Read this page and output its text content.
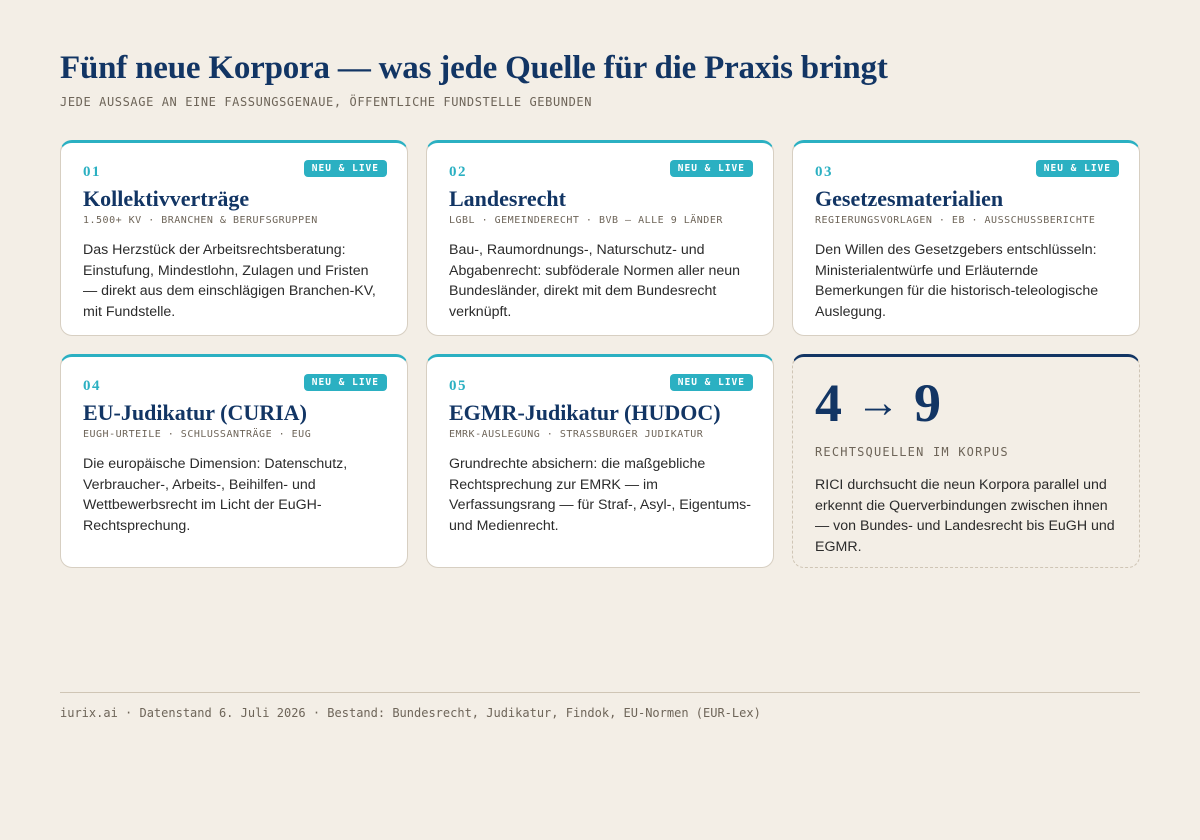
Fünf neue Korpora — was jede Quelle für die Praxis bringt
JEDE AUSSAGE AN EINE FASSUNGSGENAUE, ÖFFENTLICHE FUNDSTELLE GEBUNDEN
01	NEU & LIVE
Kollektivverträge
1.500+ KV · BRANCHEN & BERUFSGRUPPEN
Das Herzstück der Arbeitsrechtsberatung: Einstufung, Mindestlohn, Zulagen und Fristen — direkt aus dem einschlägigen Branchen-KV, mit Fundstelle.
02	NEU & LIVE
Landesrecht
LGBL · GEMEINDERECHT · BVB — ALLE 9 LÄNDER
Bau-, Raumordnungs-, Naturschutz- und Abgabenrecht: subföderale Normen aller neun Bundesländer, direkt mit dem Bundesrecht verknüpft.
03	NEU & LIVE
Gesetzesmaterialien
REGIERUNGSVORLAGEN · EB · AUSSCHUSSBERICHTE
Den Willen des Gesetzgebers entschlüsseln: Ministerialentwürfe und Erläuternde Bemerkungen für die historisch-teleologische Auslegung.
04	NEU & LIVE
EU-Judikatur (CURIA)
EUGH-URTEILE · SCHLUSSANTRÄGE · EUG
Die europäische Dimension: Datenschutz, Verbraucher-, Arbeits-, Beihilfen- und Wettbewerbsrecht im Licht der EuGH-Rechtsprechung.
05	NEU & LIVE
EGMR-Judikatur (HUDOC)
EMRK-AUSLEGUNG · STRASSBURGER JUDIKATUR
Grundrechte absichern: die maßgebliche Rechtsprechung zur EMRK — im Verfassungsrang — für Straf-, Asyl-, Eigentums- und Medienrecht.
4 → 9
RECHTSQUELLEN IM KORPUS
RICI durchsucht die neun Korpora parallel und erkennt die Querverbindungen zwischen ihnen — von Bundes- und Landesrecht bis EuGH und EGMR.
iurix.ai · Datenstand 6. Juli 2026 · Bestand: Bundesrecht, Judikatur, Findok, EU-Normen (EUR-Lex)
